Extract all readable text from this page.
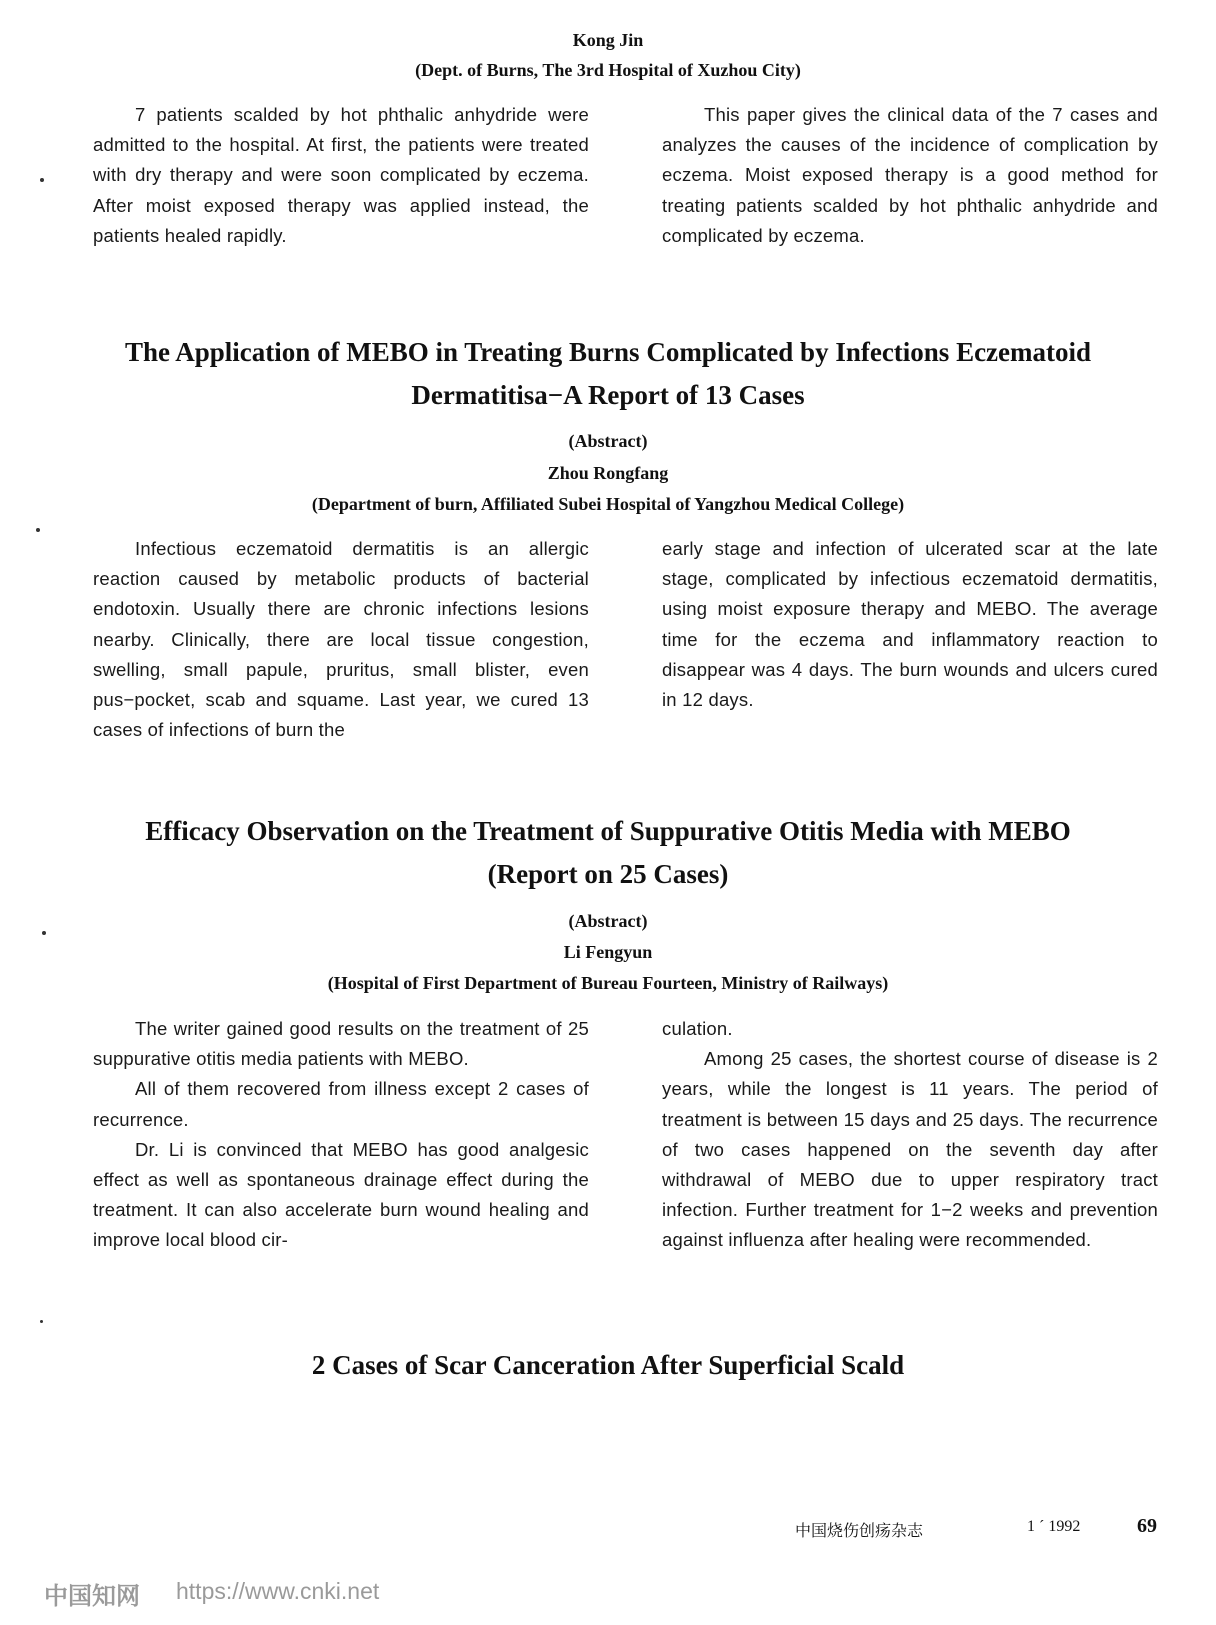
Kong Jin
(Dept. of Burns, The 3rd Hospital of Xuzhou City)

7 patients scalded by hot phthalic anhydride were admitted to the hospital. At first, the patients were treated with dry therapy and were soon complicated by eczema. After moist exposed therapy was applied instead, the patients healed rapidly.

This paper gives the clinical data of the 7 cases and analyzes the causes of the incidence of complication by eczema. Moist exposed therapy is a good method for treating patients scalded by hot phthalic anhydride and complicated by eczema.

The Application of MEBO in Treating Burns Complicated by Infections Eczematoid
Dermatitisa−A Report of 13 Cases
(Abstract)
Zhou Rongfang
(Department of burn, Affiliated Subei Hospital of Yangzhou Medical College)

Infectious eczematoid dermatitis is an allergic reaction caused by metabolic products of bacterial endotoxin. Usually there are chronic infections lesions nearby. Clinically, there are local tissue congestion, swelling, small papule, pruritus, small blister, even pus−pocket, scab and squame. Last year, we cured 13 cases of infections of burn the

early stage and infection of ulcerated scar at the late stage, complicated by infectious eczematoid dermatitis, using moist exposure therapy and MEBO. The average time for the eczema and inflammatory reaction to disappear was 4 days. The burn wounds and ulcers cured in 12 days.

Efficacy Observation on the Treatment of Suppurative Otitis Media with MEBO
(Report on 25 Cases)
(Abstract)
Li Fengyun
(Hospital of First Department of Bureau Fourteen, Ministry of Railways)

The writer gained good results on the treatment of 25 suppurative otitis media patients with MEBO.

All of them recovered from illness except 2 cases of recurrence.

Dr. Li is convinced that MEBO has good analgesic effect as well as spontaneous drainage effect during the treatment. It can also accelerate burn wound healing and improve local blood cir-

culation.

Among 25 cases, the shortest course of disease is 2 years, while the longest is 11 years. The period of treatment is between 15 days and 25 days. The recurrence of two cases happened on the seventh day after withdrawal of MEBO due to upper respiratory tract infection. Further treatment for 1−2 weeks and prevention against influenza after healing were recommended.

2 Cases of Scar Canceration After Superficial Scald
中国烧伤创疡杂志	1 ´ 1992	69
中国知网 https://www.cnki.net
